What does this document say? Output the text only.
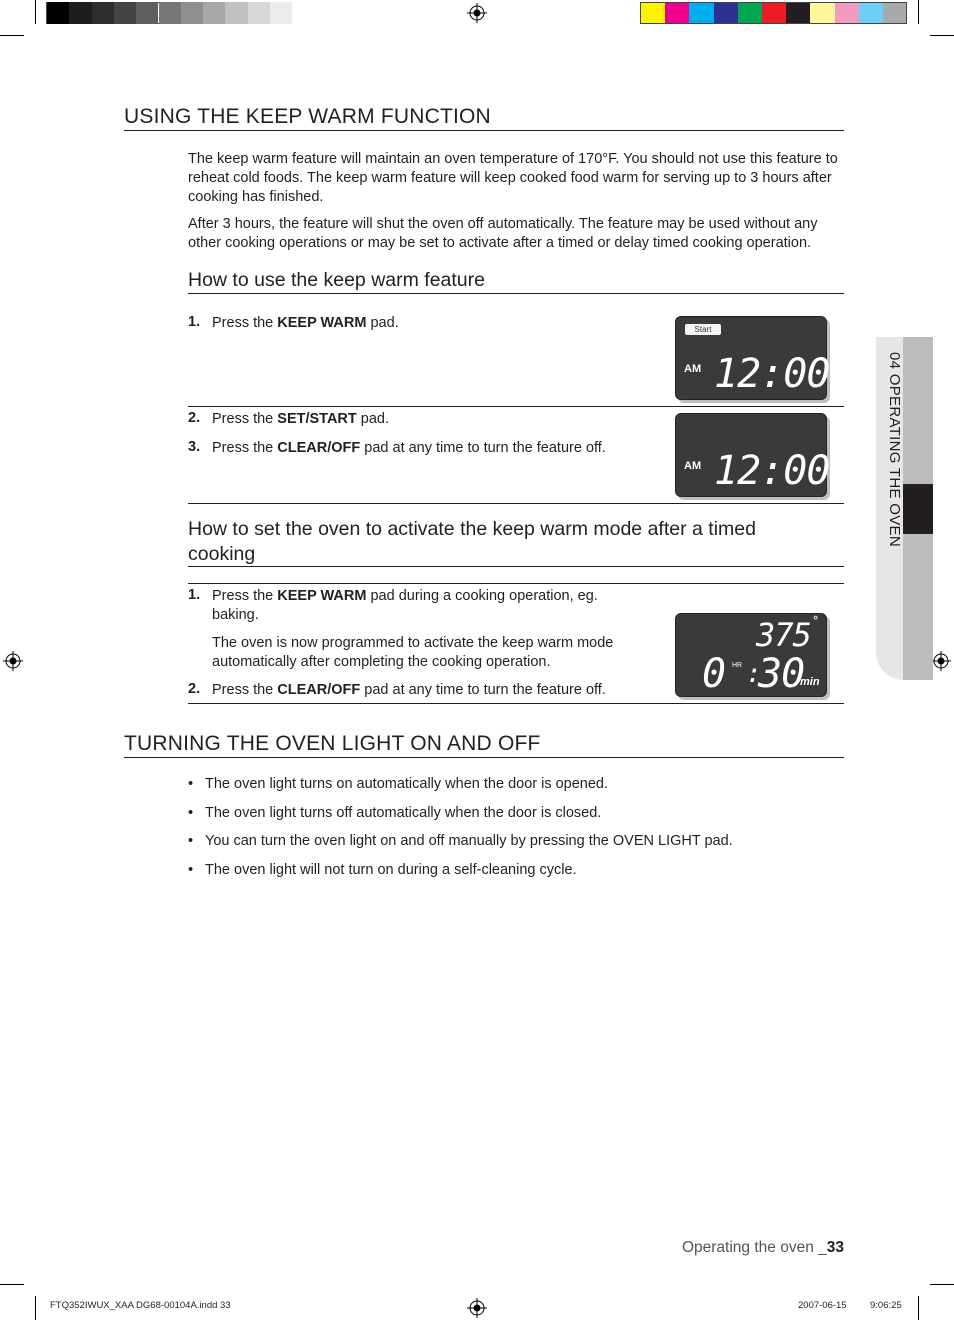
04 OPERATING THE OVEN
USING THE KEEP WARM FUNCTION

The keep warm feature will maintain an oven temperature of 170°F. You should not use this feature to reheat cold foods. The keep warm feature will keep cooked food warm for serving up to 3 hours after cooking has finished.

After 3 hours, the feature will shut the oven off automatically. The feature may be used without any other cooking operations or may be set to activate after a timed or delay timed cooking operation.

How to use the keep warm feature
1. Press the KEEP WARM pad.	Start
AM 12:00
2. Press the SET/START pad.
3. Press the CLEAR/OFF pad at any time to turn the feature off.
AM 12:00
How to set the oven to activate the keep warm mode after a timed
cooking
1. Press the KEEP WARM pad during a cooking operation, eg.
baking.
The oven is now programmed to activate the keep warm mode
automatically after completing the cooking operation.
2. Press the CLEAR/OFF pad at any time to turn the feature off.
375 °
0 HR :
30
min
TURNING THE OVEN LIGHT ON AND OFF
• The oven light turns on automatically when the door is opened.
• The oven light turns off automatically when the door is closed.
• You can turn the oven light on and off manually by pressing the OVEN LIGHT pad.
• The oven light will not turn on during a self-cleaning cycle.
Operating the oven _33
FTQ352IWUX_XAA DG68-00104A.indd 33	2007-06-15 9:06:25
